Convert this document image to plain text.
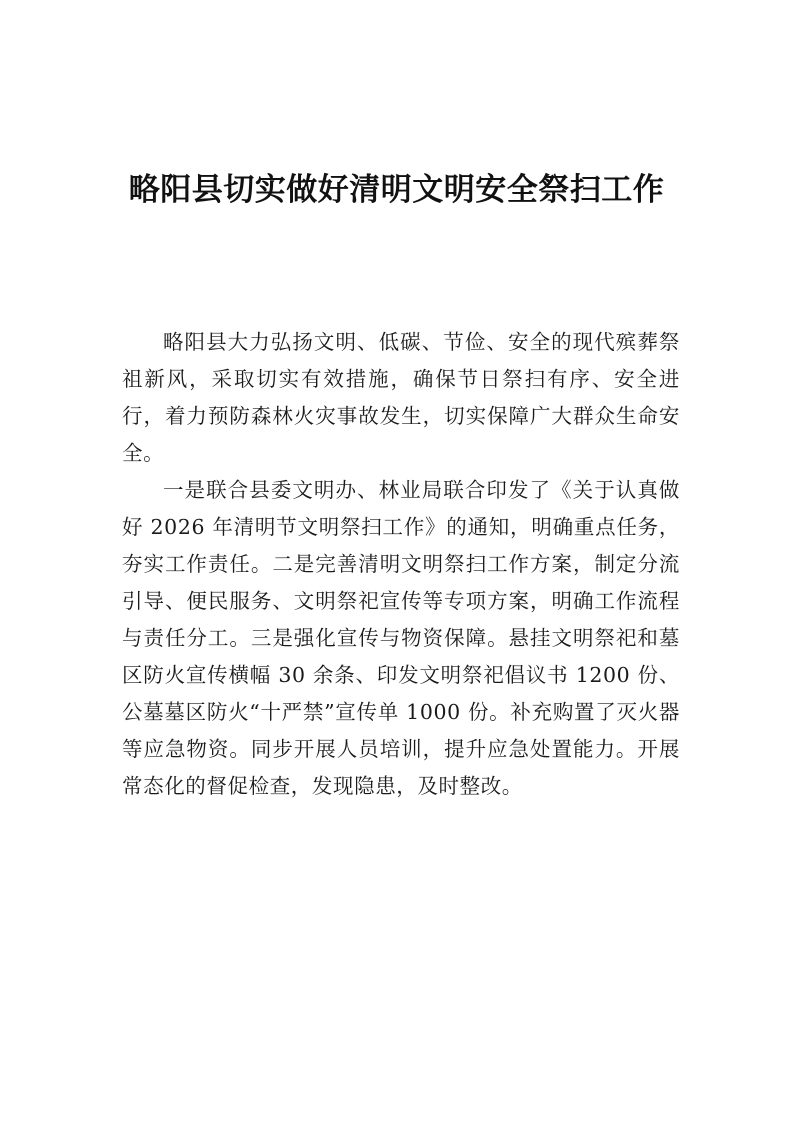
略阳县切实做好清明文明安全祭扫工作

略阳县大力弘扬文明、低碳、节俭、安全的现代殡葬祭祖新风，采取切实有效措施，确保节日祭扫有序、安全进行，着力预防森林火灾事故发生，切实保障广大群众生命安全。

一是联合县委文明办、林业局联合印发了《关于认真做好 2026 年清明节文明祭扫工作》的通知，明确重点任务，夯实工作责任。二是完善清明文明祭扫工作方案，制定分流引导、便民服务、文明祭祀宣传等专项方案，明确工作流程与责任分工。三是强化宣传与物资保障。悬挂文明祭祀和墓区防火宣传横幅 30 余条、印发文明祭祀倡议书 1200 份、公墓墓区防火“十严禁”宣传单 1000 份。补充购置了灭火器等应急物资。同步开展人员培训，提升应急处置能力。开展常态化的督促检查，发现隐患，及时整改。
